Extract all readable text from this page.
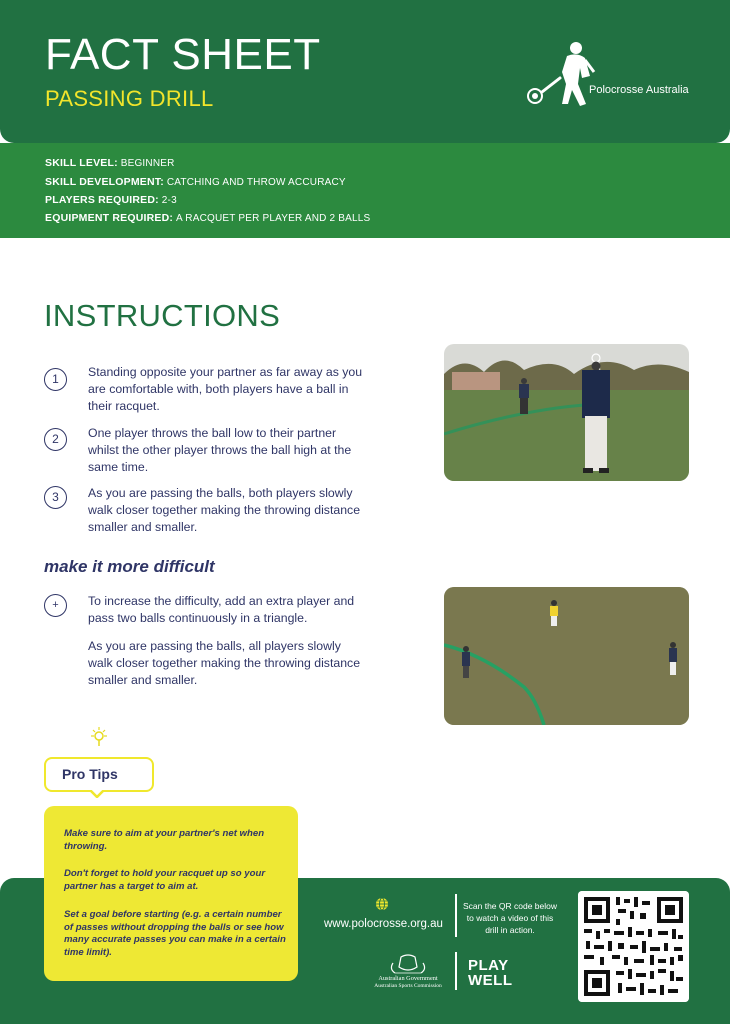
FACT SHEET
PASSING DRILL	Polocrosse Australia
SKILL LEVEL: BEGINNER
SKILL DEVELOPMENT: CATCHING AND THROW ACCURACY
PLAYERS REQUIRED: 2-3
EQUIPMENT REQUIRED: A RACQUET PER PLAYER AND 2 BALLS
INSTRUCTIONS
1	Standing opposite your partner as far away as you are comfortable with, both players have a ball in their racquet.
2	One player throws the ball low to their partner whilst the other player throws the ball high at the same time.
3	As you are passing the balls, both players slowly walk closer together making the throwing distance smaller and smaller.
make it more difficult
+	To increase the difficulty, add an extra player and pass two balls continuously in a triangle.
As you are passing the balls, all players slowly walk closer together making the throwing distance smaller and smaller.
Pro Tips
Make sure to aim at your partner's net when throwing.
Don't forget to hold your racquet up so your partner has a target to aim at.
Set a goal before starting (e.g. a certain number of passes without dropping the balls or see how many accurate passes you can make in a certain time limit).
www.polocrosse.org.au
Scan the QR code below to watch a video of this drill in action.
Australian Government
Australian Sports Commission
PLAY
WELL
